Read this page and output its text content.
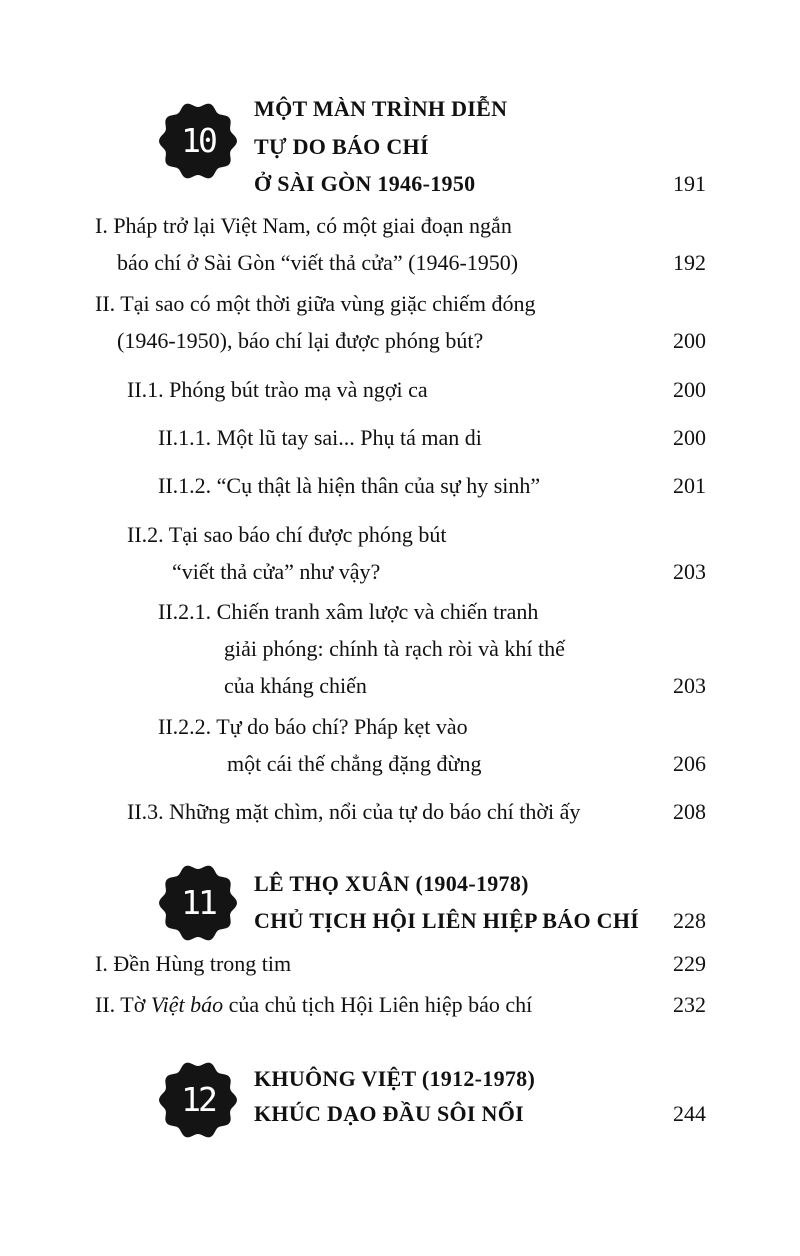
10
MỘT MÀN TRÌNH DIỄN
TỰ DO BÁO CHÍ
Ở SÀI GÒN 1946-1950	191
I. Pháp trở lại Việt Nam, có một giai đoạn ngắn
báo chí ở Sài Gòn “viết thả cửa” (1946-1950)	192
II. Tại sao có một thời giữa vùng giặc chiếm đóng
(1946-1950), báo chí lại được phóng bút?	200
II.1. Phóng bút trào mạ và ngợi ca	200
II.1.1. Một lũ tay sai... Phụ tá man di	200
II.1.2. “Cụ thật là hiện thân của sự hy sinh”	201
II.2. Tại sao báo chí được phóng bút
“viết thả cửa” như vậy?	203
II.2.1. Chiến tranh xâm lược và chiến tranh
giải phóng: chính tà rạch ròi và khí thế
của kháng chiến	203
II.2.2. Tự do báo chí? Pháp kẹt vào
một cái thế chẳng đặng đừng	206
II.3. Những mặt chìm, nổi của tự do báo chí thời ấy	208
11	LÊ THỌ XUÂN (1904-1978)
CHỦ TỊCH HỘI LIÊN HIỆP BÁO CHÍ 228
I. Đền Hùng trong tim	229
II. Tờ Việt báo của chủ tịch Hội Liên hiệp báo chí	232
12
KHUÔNG VIỆT (1912-1978)
KHÚC DẠO ĐẦU SÔI NỔI	244
